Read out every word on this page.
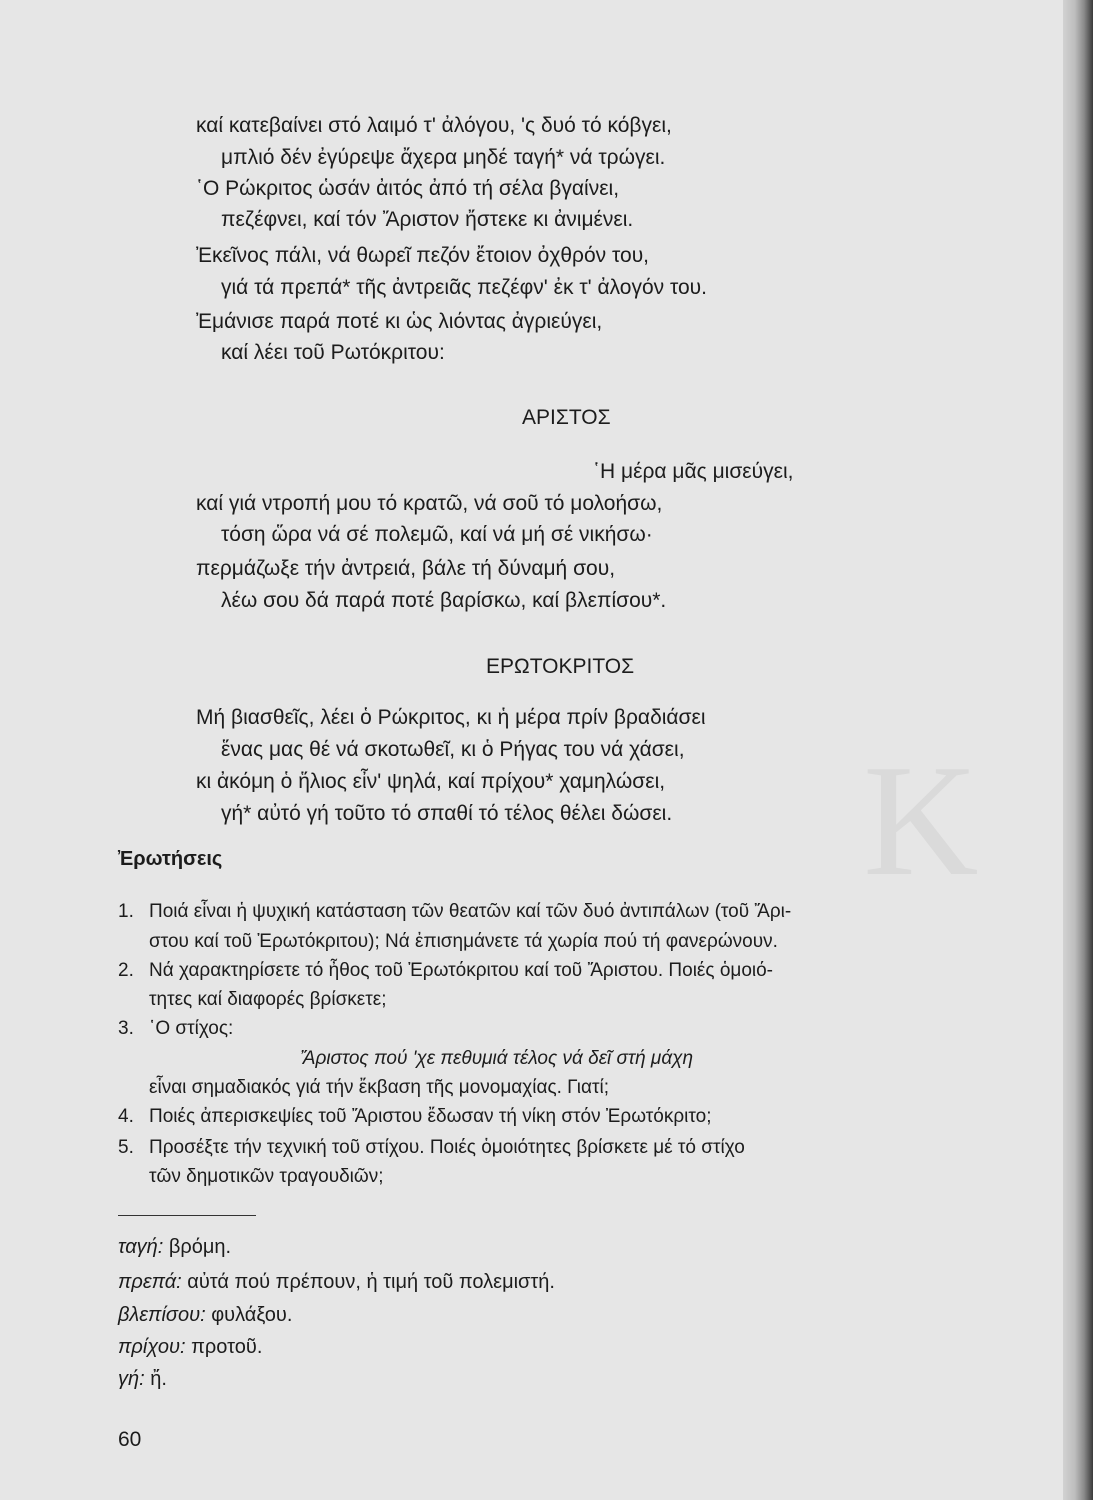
K
καί κατεβαίνει στό λαιμό τ' ἀλόγου, 'ς δυό τό κόβγει,
μπλιό δέν ἐγύρεψε ἄχερα μηδέ ταγή* νά τρώγει.
῾Ο Ρώκριτος ὡσάν ἀιτός ἀπό τή σέλα βγαίνει,
πεζέφνει, καί τόν Ἄριστον ἤστεκε κι ἀνιμένει.
Ἐκεῖνος πάλι, νά θωρεῖ πεζόν ἔτοιον ὀχθρόν του,
γιά τά πρεπά* τῆς ἀντρειᾶς πεζέφν' ἐκ τ' ἀλογόν του.
Ἐμάνισε παρά ποτέ κι ὡς λιόντας ἀγριεύγει,
καί λέει τοῦ Ρωτόκριτου:
ΑΡΙΣΤΟΣ
῾Η μέρα μᾶς μισεύγει,
καί γιά ντροπή μου τό κρατῶ, νά σοῦ τό μολοήσω,
τόση ὥρα νά σέ πολεμῶ, καί νά μή σέ νικήσω·
περμάζωξε τήν ἀντρειά, βάλε τή δύναμή σου,
λέω σου δά παρά ποτέ βαρίσκω, καί βλεπίσου*.
ΕΡΩΤΟΚΡΙΤΟΣ
Μή βιασθεῖς, λέει ὁ Ρώκριτος, κι ἡ μέρα πρίν βραδιάσει
ἕνας μας θέ νά σκοτωθεῖ, κι ὁ Ρήγας του νά χάσει,
κι ἀκόμη ὁ ἥλιος εἶν' ψηλά, καί πρίχου* χαμηλώσει,
γή* αὐτό γή τοῦτο τό σπαθί τό τέλος θέλει δώσει.
Ἐρωτήσεις
1. Ποιά εἶναι ἡ ψυχική κατάσταση τῶν θεατῶν καί τῶν δυό ἀντιπάλων (τοῦ Ἄρι-
στου καί τοῦ Ἐρωτόκριτου); Νά ἐπισημάνετε τά χωρία πού τή φανερώνουν.
2. Νά χαρακτηρίσετε τό ἦθος τοῦ Ἐρωτόκριτου καί τοῦ Ἄριστου. Ποιές ὁμοιό-
τητες καί διαφορές βρίσκετε;
3. ῾Ο στίχος:
Ἄριστος πού 'χε πεθυμιά τέλος νά δεῖ στή μάχη
εἶναι σημαδιακός γιά τήν ἔκβαση τῆς μονομαχίας. Γιατί;
4. Ποιές ἀπερισκεψίες τοῦ Ἄριστου ἔδωσαν τή νίκη στόν Ἐρωτόκριτο;
5. Προσέξτε τήν τεχνική τοῦ στίχου. Ποιές ὁμοιότητες βρίσκετε μέ τό στίχο
τῶν δημοτικῶν τραγουδιῶν;
ταγή: βρόμη.
πρεπά: αὐτά πού πρέπουν, ἡ τιμή τοῦ πολεμιστή.
βλεπίσου: φυλάξου.
πρίχου: προτοῦ.
γή: ἤ.
60
